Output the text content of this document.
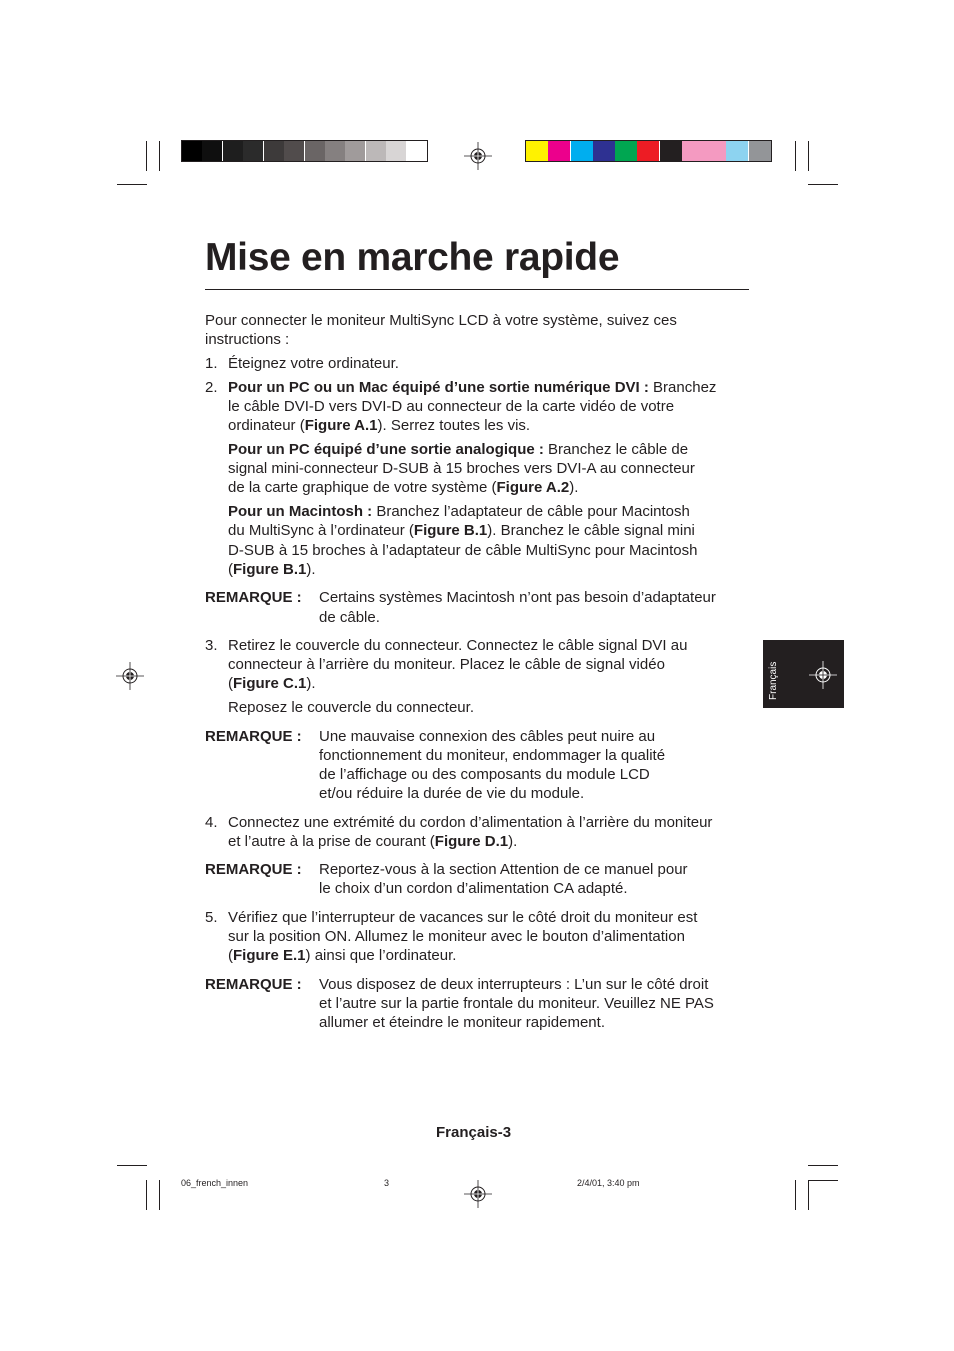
Mise en marche rapide
Français
Pour connecter le moniteur MultiSync LCD à votre système, suivez ces
instructions :
1. Éteignez votre ordinateur.
2. Pour un PC ou un Mac équipé d’une sortie numérique DVI : Branchez
le câble DVI-D vers DVI-D au connecteur de la carte vidéo de votre
ordinateur (Figure A.1). Serrez toutes les vis.
Pour un PC équipé d’une sortie analogique : Branchez le câble de
signal mini-connecteur D-SUB à 15 broches vers DVI-A au connecteur
de la carte graphique de votre système (Figure A.2).
Pour un Macintosh : Branchez l’adaptateur de câble pour Macintosh
du MultiSync à l’ordinateur (Figure B.1). Branchez le câble signal mini
D-SUB à 15 broches à l’adaptateur de câble MultiSync pour Macintosh
(Figure B.1).
REMARQUE : Certains systèmes Macintosh n’ont pas besoin d’adaptateur
de câble.
3. Retirez le couvercle du connecteur. Connectez le câble signal DVI au
connecteur à l’arrière du moniteur. Placez le câble de signal vidéo
(Figure C.1).
Reposez le couvercle du connecteur.
REMARQUE : Une mauvaise connexion des câbles peut nuire au
fonctionnement du moniteur, endommager la qualité
de l’affichage ou des composants du module LCD
et/ou réduire la durée de vie du module.
4. Connectez une extrémité du cordon d’alimentation à l’arrière du moniteur
et l’autre à la prise de courant (Figure D.1).
REMARQUE : Reportez-vous à la section Attention de ce manuel pour
le choix d’un cordon d’alimentation CA adapté.
5. Vérifiez que l’interrupteur de vacances sur le côté droit du moniteur est
sur la position ON. Allumez le moniteur avec le bouton d’alimentation
(Figure E.1) ainsi que l’ordinateur.
REMARQUE : Vous disposez de deux interrupteurs : L’un sur le côté droit
et l’autre sur la partie frontale du moniteur. Veuillez NE PAS
allumer et éteindre le moniteur rapidement.
Français-3
06_french_innen	3	2/4/01, 3:40 pm
